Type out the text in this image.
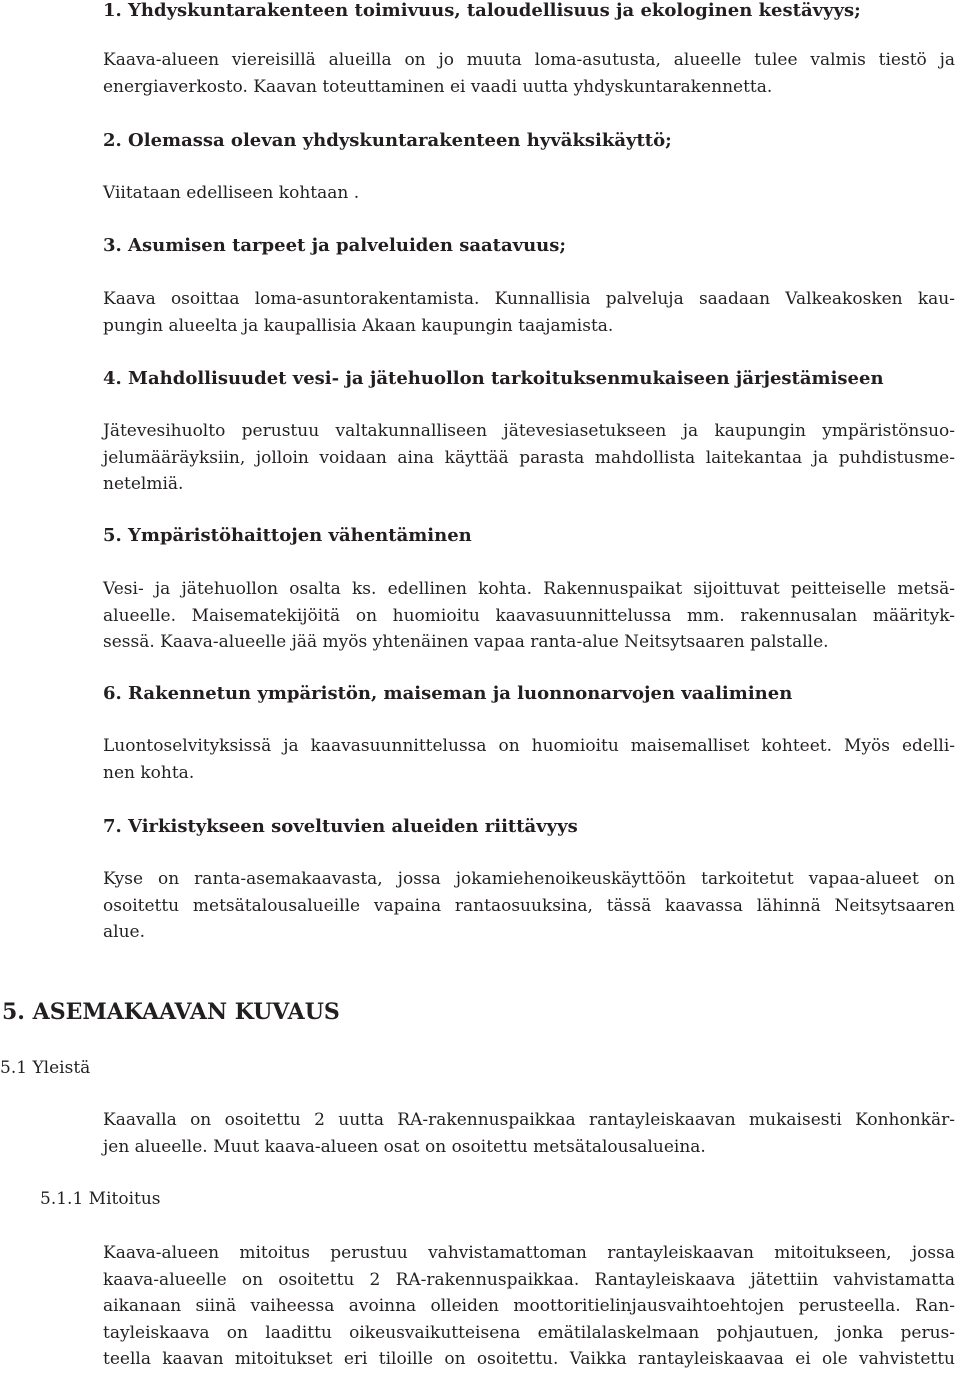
1. Yhdyskuntarakenteen toimivuus, taloudellisuus ja ekologinen kestävyys;
Kaava-alueen viereisillä alueilla on jo muuta loma-asutusta, alueelle tulee valmis tiestö ja
energiaverkosto. Kaavan toteuttaminen ei vaadi uutta yhdyskuntarakennetta.
2. Olemassa olevan yhdyskuntarakenteen hyväksikäyttö;
Viitataan edelliseen kohtaan .
3. Asumisen tarpeet ja palveluiden saatavuus;
Kaava osoittaa loma-asuntorakentamista. Kunnallisia palveluja saadaan Valkeakosken kau-
pungin alueelta ja kaupallisia Akaan kaupungin taajamista.
4. Mahdollisuudet vesi- ja jätehuollon tarkoituksenmukaiseen järjestämiseen
Jätevesihuolto perustuu valtakunnalliseen jätevesiasetukseen ja kaupungin ympäristönsuo-
jelumääräyksiin, jolloin voidaan aina käyttää parasta mahdollista laitekantaa ja puhdistusme-
netelmiä.
5. Ympäristöhaittojen vähentäminen
Vesi- ja jätehuollon osalta ks. edellinen kohta. Rakennuspaikat sijoittuvat peitteiselle metsä-
alueelle. Maisematekijöitä on huomioitu kaavasuunnittelussa mm. rakennusalan määrityk-
sessä. Kaava-alueelle jää myös yhtenäinen vapaa ranta-alue Neitsytsaaren palstalle.
6. Rakennetun ympäristön, maiseman ja luonnonarvojen vaaliminen
Luontoselvityksissä ja kaavasuunnittelussa on huomioitu maisemalliset kohteet. Myös edelli-
nen kohta.
7. Virkistykseen soveltuvien alueiden riittävyys
Kyse on ranta-asemakaavasta, jossa jokamiehenoikeuskäyttöön tarkoitetut vapaa-alueet on
osoitettu metsätalousalueille vapaina rantaosuuksina, tässä kaavassa lähinnä Neitsytsaaren
alue.
5. ASEMAKAAVAN KUVAUS
5.1 Yleistä
Kaavalla on osoitettu 2 uutta RA-rakennuspaikkaa rantayleiskaavan mukaisesti Konhonkär-
jen alueelle. Muut kaava-alueen osat on osoitettu metsätalousalueina.
5.1.1 Mitoitus
Kaava-alueen mitoitus perustuu vahvistamattoman rantayleiskaavan mitoitukseen, jossa
kaava-alueelle on osoitettu 2 RA-rakennuspaikkaa. Rantayleiskaava jätettiin vahvistamatta
aikanaan siinä vaiheessa avoinna olleiden moottoritielinjausvaihtoehtojen perusteella. Ran-
tayleiskaava on laadittu oikeusvaikutteisena emätilalaskelmaan pohjautuen, jonka perus-
teella kaavan mitoitukset eri tiloille on osoitettu. Vaikka rantayleiskaavaa ei ole vahvistettu
